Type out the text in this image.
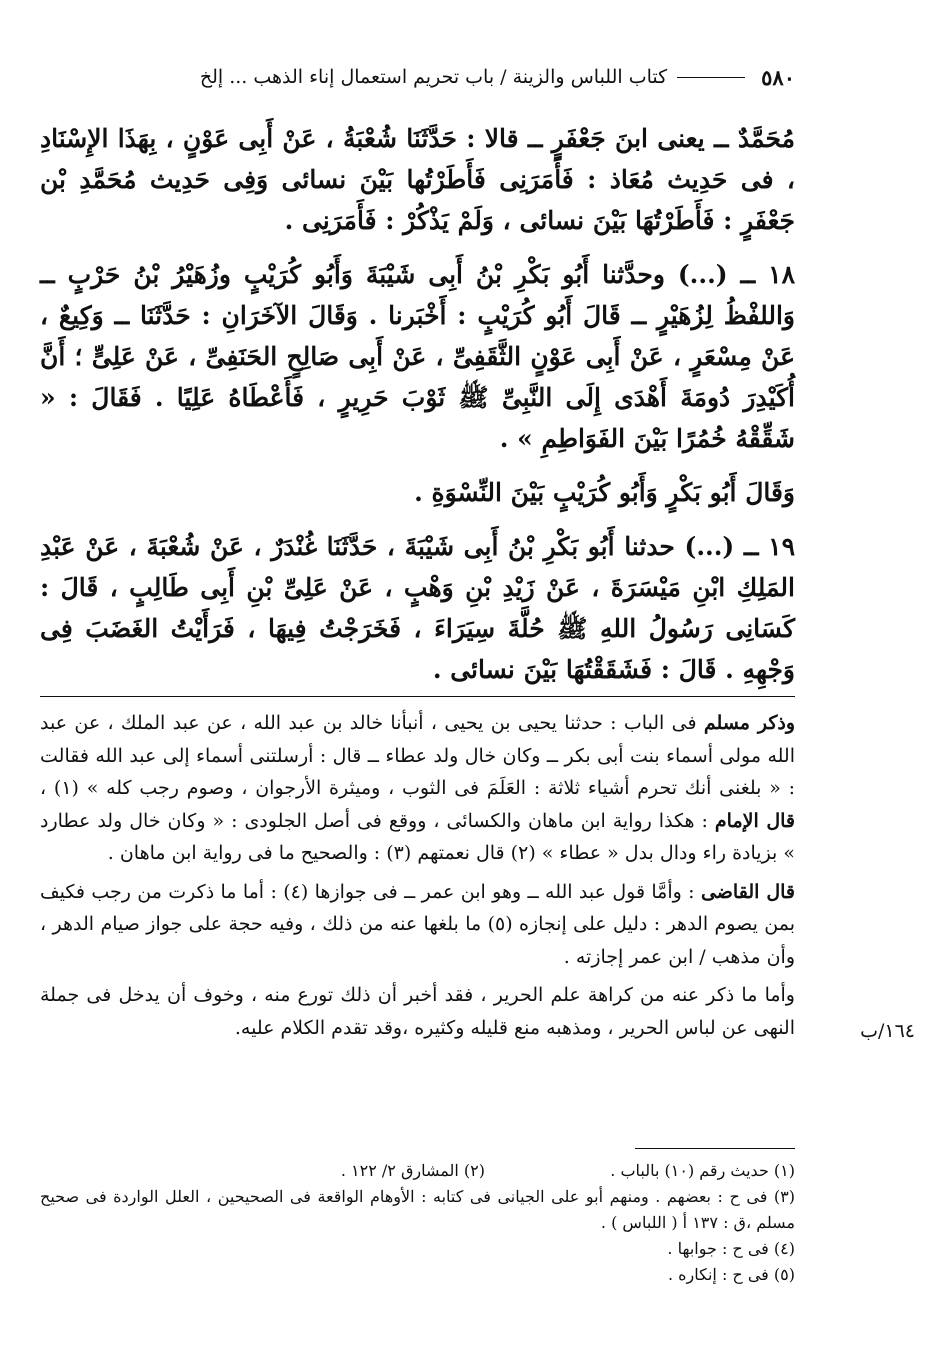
٥٨٠
كتاب اللباس والزينة / باب تحريم استعمال إناء الذهب ... إلخ

مُحَمَّدٌ ــ يعنى ابنَ جَعْفَرٍ ــ قالا : حَدَّثَنَا شُعْبَةُ ، عَنْ أَبِى عَوْنٍ ، بِهَذَا الإِسْنَادِ ، فى حَدِيث مُعَاذ : فَأَمَرَنِى فَأَطَرْتُها بَيْنَ نسائى وَفِى حَدِيث مُحَمَّدِ بْن جَعْفَرٍ : فَأَطَرْتُهَا بَيْنَ نسائى ، وَلَمْ يَذْكُرْ : فَأَمَرَنِى .

١٨ ــ (...) وحدَّثنا أَبُو بَكْرِ بْنُ أَبِى شَيْبَةَ وَأَبُو كُرَيْبٍ وزُهَيْرُ بْنُ حَرْبٍ ــ وَاللفْظُ لِزُهَيْرٍ ــ قَالَ أَبُو كُرَيْبٍ : أَخْبَرنا . وَقَالَ الآخَرَانِ : حَدَّثَنَا ــ وَكِيعٌ ، عَنْ مِسْعَرٍ ، عَنْ أَبِى عَوْنٍ الثَّقَفِىِّ ، عَنْ أَبِى صَالِحٍ الحَنَفِىِّ ، عَنْ عَلِىٍّ ؛ أَنَّ أُكَيْدِرَ دُومَةَ أَهْدَى إِلَى النَّبِىِّ ﷺ ثَوْبَ حَرِيرٍ ، فَأَعْطَاهُ عَلِيًا . فَقَالَ : « شَقِّقْهُ خُمُرًا بَيْنَ الفَوَاطِمِ » .

وَقَالَ أَبُو بَكْرٍ وَأَبُو كُرَيْبٍ بَيْنَ النِّسْوَةِ .

١٩ ــ (...) حدثنا أَبُو بَكْرِ بْنُ أَبِى شَيْبَةَ ، حَدَّثَنَا غُنْدَرٌ ، عَنْ شُعْبَةَ ، عَنْ عَبْدِ المَلِكِ ابْنِ مَيْسَرَةَ ، عَنْ زَيْدِ بْنِ وَهْبٍ ، عَنْ عَلِىِّ بْنِ أَبِى طَالِبٍ ، قَالَ : كَسَانِى رَسُولُ اللهِ ﷺ حُلَّةَ سِيَرَاءَ ، فَخَرَجْتُ فِيهَا ، فَرَأَيْتُ الغَضَبَ فِى وَجْهِهِ . قَالَ : فَشَقَقْتُهَا بَيْنَ نسائى .

وذكر مسلم فى الباب : حدثنا يحيى بن يحيى ، أنبأنا خالد بن عبد الله ، عن عبد الملك ، عن عبد الله مولى أسماء بنت أبى بكر ــ وكان خال ولد عطاء ــ قال : أرسلتنى أسماء إلى عبد الله فقالت : « بلغنى أنك تحرم أشياء ثلاثة : العَلَمَ فى الثوب ، وميثرة الأرجوان ، وصوم رجب كله » (١) ، قال الإمام : هكذا رواية ابن ماهان والكسائى ، ووقع فى أصل الجلودى : « وكان خال ولد عطارد » بزيادة راء ودال بدل « عطاء » (٢) قال نعمتهم (٣) : والصحيح ما فى رواية ابن ماهان .

قال القاضى : وأمَّا قول عبد الله ــ وهو ابن عمر ــ فى جوازها (٤) : أما ما ذكرت من رجب فكيف بمن يصوم الدهر : دليل على إنجازه (٥) ما بلغها عنه من ذلك ، وفيه حجة على جواز صيام الدهر ، وأن مذهب / ابن عمر إجازته .

وأما ما ذكر عنه من كراهة علم الحرير ، فقد أخبر أن ذلك تورع منه ، وخوف أن يدخل فى جملة النهى عن لباس الحرير ، ومذهبه منع قليله وكثيره ،وقد تقدم الكلام عليه.	١٦٤/ب
(١) حديث رقم (١٠) بالباب .
(٢) المشارق ٢/ ١٢٢ .
(٣) فى ح : بعضهم . ومنهم أبو على الجيانى فى كتابه : الأوهام الواقعة فى الصحيحين ، العلل الواردة فى صحيح مسلم ،ق : ١٣٧ أ ( اللباس ) .
(٤) فى ح : جوابها .
(٥) فى ح : إنكاره .
